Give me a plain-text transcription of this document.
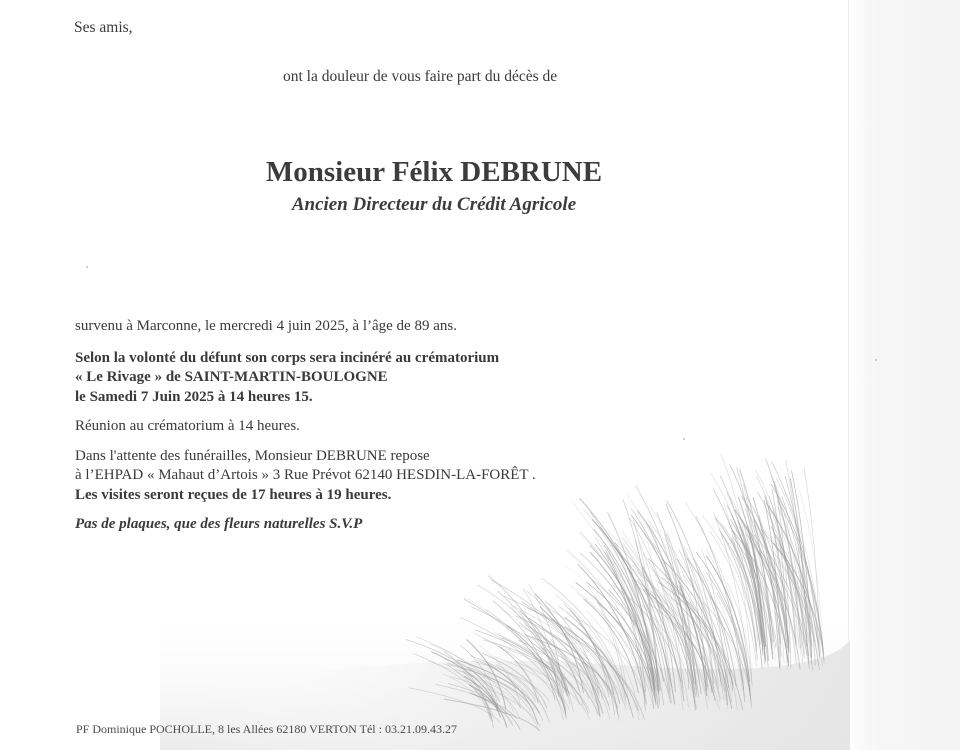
Ses amis,

ont la douleur de vous faire part du décès de

Monsieur Félix DEBRUNE

Ancien Directeur du Crédit Agricole

survenu à Marconne, le mercredi 4 juin 2025, à l’âge de 89 ans.

Selon la volonté du défunt son corps sera incinéré au crématorium

« Le Rivage » de SAINT-MARTIN-BOULOGNE

le Samedi 7 Juin 2025 à 14 heures 15.

Réunion au crématorium à 14 heures.

Dans l'attente des funérailles, Monsieur DEBRUNE repose

à l’EHPAD « Mahaut d’Artois » 3 Rue Prévot 62140 HESDIN-LA-FORÊT .

Les visites seront reçues de 17 heures à 19 heures.

Pas de plaques, que des fleurs naturelles S.V.P

PF Dominique POCHOLLE, 8 les Allées 62180 VERTON Tél : 03.21.09.43.27
